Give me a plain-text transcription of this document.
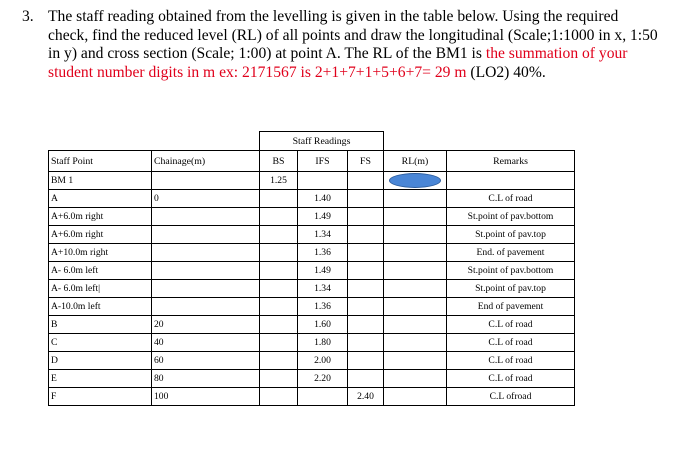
3. The staff reading obtained from the levelling is given in the table below. Using the required check, find the reduced level (RL) of all points and draw the longitudinal (Scale;1:1000 in x, 1:50 in y) and cross section (Scale; 1:00) at point A. The RL of the BM1 is the summation of your student number digits in m ex: 2171567 is 2+1+7+1+5+6+7= 29 m (LO2) 40%.
		Staff Readings				
Staff Point	Chainage(m)	BS	IFS	FS	RL(m)	Remarks
BM 1		1.25				
A	0		1.40			C.L of road
A+6.0m right			1.49			St.point of pav.bottom
A+6.0m right			1.34			St.point of pav.top
A+10.0m right			1.36			End. of pavement
A- 6.0m left			1.49			St.point of pav.bottom
A- 6.0m left|			1.34			St.point of pav.top
A-10.0m left			1.36			End of pavement
B	20		1.60			C.L of road
C	40		1.80			C.L of road
D	60		2.00			C.L of road
E	80		2.20			C.L of road
F	100			2.40		C.L ofroad
